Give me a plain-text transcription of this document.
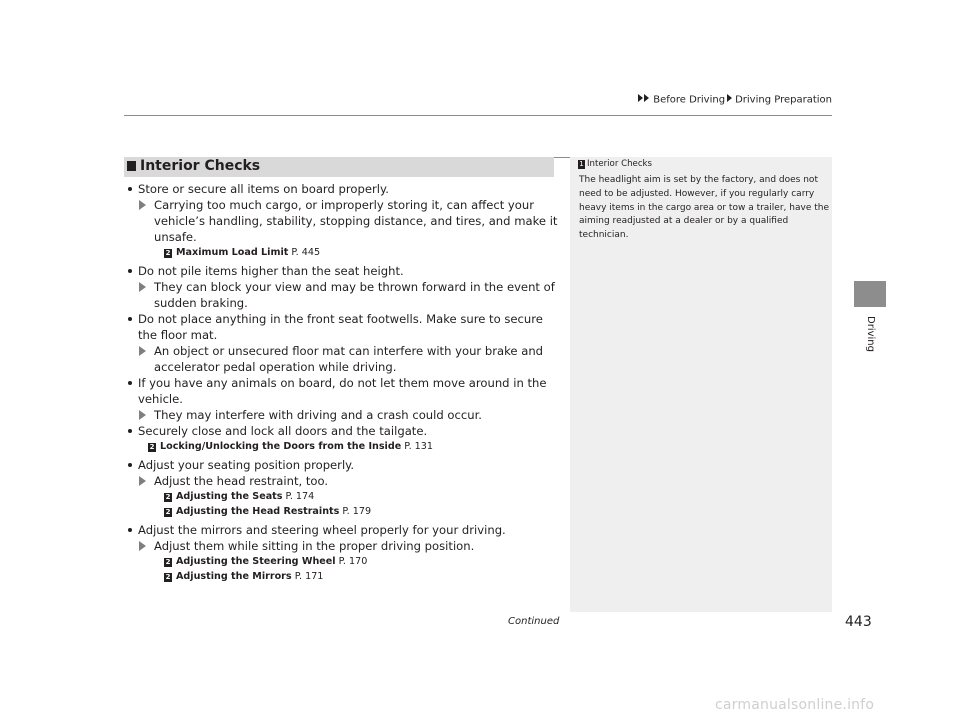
Before Driving Driving Preparation
Driving
Interior Checks
Store or secure all items on board properly.
Carrying too much cargo, or improperly storing it, can affect your vehicle’s handling, stability, stopping distance, and tires, and make it unsafe.
2 Maximum Load Limit P. 445
Do not pile items higher than the seat height.
They can block your view and may be thrown forward in the event of sudden braking.
Do not place anything in the front seat footwells. Make sure to secure the floor mat.
An object or unsecured floor mat can interfere with your brake and accelerator pedal operation while driving.
If you have any animals on board, do not let them move around in the vehicle.
They may interfere with driving and a crash could occur.
Securely close and lock all doors and the tailgate.
2 Locking/Unlocking the Doors from the Inside P. 131
Adjust your seating position properly.
Adjust the head restraint, too.
2 Adjusting the Seats P. 174
2 Adjusting the Head Restraints P. 179
Adjust the mirrors and steering wheel properly for your driving.
Adjust them while sitting in the proper driving position.
2 Adjusting the Steering Wheel P. 170
2 Adjusting the Mirrors P. 171
1 Interior Checks
The headlight aim is set by the factory, and does not need to be adjusted. However, if you regularly carry heavy items in the cargo area or tow a trailer, have the aiming readjusted at a dealer or by a qualified technician.
Continued	443
carmanualsonline.info
